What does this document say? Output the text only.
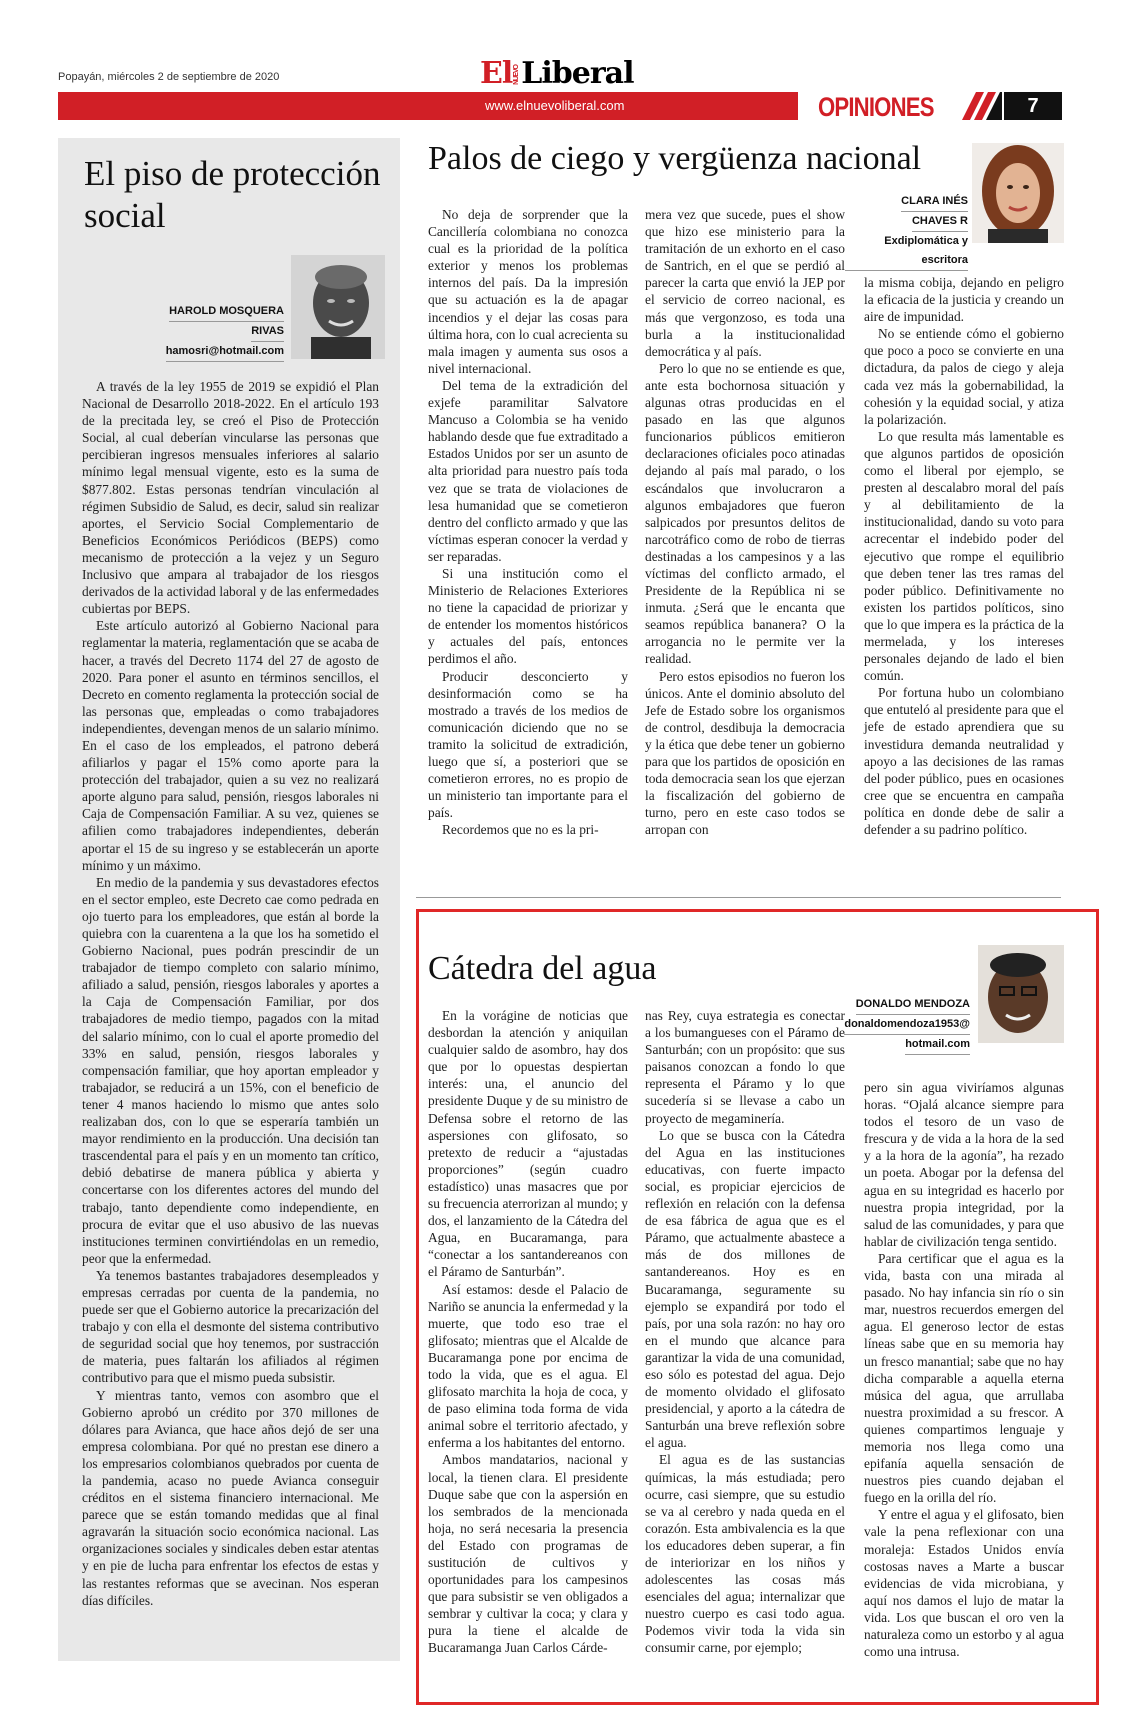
Popayán, miércoles 2 de septiembre de 2020	ElNUEVOLiberal
www.elnuevoliberal.com	OPINIONES	7
El piso de protección social
HAROLD MOSQUERA
RIVAS
hamosri@hotmail.com

A través de la ley 1955 de 2019 se expidió el Plan Nacional de Desarrollo 2018-2022. En el artículo 193 de la precitada ley, se creó el Piso de Protección Social, al cual deberían vincularse las personas que percibieran ingresos mensuales inferiores al salario mínimo legal mensual vigente, esto es la suma de $877.802. Estas personas tendrían vinculación al régimen Subsidio de Salud, es decir, salud sin realizar aportes, el Servicio Social Complementario de Beneficios Económicos Periódicos (BEPS) como mecanismo de protección a la vejez y un Seguro Inclusivo que ampara al trabajador de los riesgos derivados de la actividad laboral y de las enfermedades cubiertas por BEPS.

Este artículo autorizó al Gobierno Nacional para reglamentar la materia, reglamentación que se acaba de hacer, a través del Decreto 1174 del 27 de agosto de 2020. Para poner el asunto en términos sencillos, el Decreto en comento reglamenta la protección social de las personas que, empleadas o como trabajadores independientes, devengan menos de un salario mínimo. En el caso de los empleados, el patrono deberá afiliarlos y pagar el 15% como aporte para la protección del trabajador, quien a su vez no realizará aporte alguno para salud, pensión, riesgos laborales ni Caja de Compensación Familiar. A su vez, quienes se afilien como trabajadores independientes, deberán aportar el 15 de su ingreso y se establecerán un aporte mínimo y un máximo.

En medio de la pandemia y sus devastadores efectos en el sector empleo, este Decreto cae como pedrada en ojo tuerto para los empleadores, que están al borde la quiebra con la cuarentena a la que los ha sometido el Gobierno Nacional, pues podrán prescindir de un trabajador de tiempo completo con salario mínimo, afiliado a salud, pensión, riesgos laborales y aportes a la Caja de Compensación Familiar, por dos trabajadores de medio tiempo, pagados con la mitad del salario mínimo, con lo cual el aporte promedio del 33% en salud, pensión, riesgos laborales y compensación familiar, que hoy aportan empleador y trabajador, se reducirá a un 15%, con el beneficio de tener 4 manos haciendo lo mismo que antes solo realizaban dos, con lo que se esperaría también un mayor rendimiento en la producción. Una decisión tan trascendental para el país y en un momento tan crítico, debió debatirse de manera pública y abierta y concertarse con los diferentes actores del mundo del trabajo, tanto dependiente como independiente, en procura de evitar que el uso abusivo de las nuevas instituciones terminen convirtiéndolas en un remedio, peor que la enfermedad.

Ya tenemos bastantes trabajadores desempleados y empresas cerradas por cuenta de la pandemia, no puede ser que el Gobierno autorice la precarización del trabajo y con ella el desmonte del sistema contributivo de seguridad social que hoy tenemos, por sustracción de materia, pues faltarán los afiliados al régimen contributivo para que el mismo pueda subsistir.

Y mientras tanto, vemos con asombro que el Gobierno aprobó un crédito por 370 millones de dólares para Avianca, que hace años dejó de ser una empresa colombiana. Por qué no prestan ese dinero a los empresarios colombianos quebrados por cuenta de la pandemia, acaso no puede Avianca conseguir créditos en el sistema financiero internacional. Me parece que se están tomando medidas que al final agravarán la situación socio económica nacional. Las organizaciones sociales y sindicales deben estar atentas y en pie de lucha para enfrentar los efectos de estas y las restantes reformas que se avecinan. Nos esperan días difíciles.

Palos de ciego y vergüenza nacional
CLARA INÉS
CHAVES R
Exdiplomática y escritora

No deja de sorprender que la Cancillería colombiana no conozca cual es la prioridad de la política exterior y menos los problemas internos del país. Da la impresión que su actuación es la de apagar incendios y el dejar las cosas para última hora, con lo cual acrecienta su mala imagen y aumenta sus osos a nivel internacional.

Del tema de la extradición del exjefe paramilitar Salvatore Mancuso a Colombia se ha venido hablando desde que fue extraditado a Estados Unidos por ser un asunto de alta prioridad para nuestro país toda vez que se trata de violaciones de lesa humanidad que se cometieron dentro del conflicto armado y que las víctimas esperan conocer la verdad y ser reparadas.

Si una institución como el Ministerio de Relaciones Exteriores no tiene la capacidad de priorizar y de entender los momentos históricos y actuales del país, entonces perdimos el año.

Producir desconcierto y desinformación como se ha mostrado a través de los medios de comunicación diciendo que no se tramito la solicitud de extradición, luego que sí, a posteriori que se cometieron errores, no es propio de un ministerio tan importante para el país.

Recordemos que no es la pri-

mera vez que sucede, pues el show que hizo ese ministerio para la tramitación de un exhorto en el caso de Santrich, en el que se perdió al parecer la carta que envió la JEP por el servicio de correo nacional, es más que vergonzoso, es toda una burla a la institucionalidad democrática y al país.

Pero lo que no se entiende es que, ante esta bochornosa situación y algunas otras producidas en el pasado en las que algunos funcionarios públicos emitieron declaraciones oficiales poco atinadas dejando al país mal parado, o los escándalos que involucraron a algunos embajadores que fueron salpicados por presuntos delitos de narcotráfico como de robo de tierras destinadas a los campesinos y a las víctimas del conflicto armado, el Presidente de la República ni se inmuta. ¿Será que le encanta que seamos república bananera? O la arrogancia no le permite ver la realidad.

Pero estos episodios no fueron los únicos. Ante el dominio absoluto del Jefe de Estado sobre los organismos de control, desdibuja la democracia y la ética que debe tener un gobierno para que los partidos de oposición en toda democracia sean los que ejerzan la fiscalización del gobierno de turno, pero en este caso todos se arropan con

la misma cobija, dejando en peligro la eficacia de la justicia y creando un aire de impunidad.

No se entiende cómo el gobierno que poco a poco se convierte en una dictadura, da palos de ciego y aleja cada vez más la gobernabilidad, la cohesión y la equidad social, y atiza la polarización.

Lo que resulta más lamentable es que algunos partidos de oposición como el liberal por ejemplo, se presten al descalabro moral del país y al debilitamiento de la institucionalidad, dando su voto para acrecentar el indebido poder del ejecutivo que rompe el equilibrio que deben tener las tres ramas del poder público. Definitivamente no existen los partidos políticos, sino que lo que impera es la práctica de la mermelada, y los intereses personales dejando de lado el bien común.

Por fortuna hubo un colombiano que entuteló al presidente para que el jefe de estado aprendiera que su investidura demanda neutralidad y apoyo a las decisiones de las ramas del poder público, pues en ocasiones cree que se encuentra en campaña política en donde debe de salir a defender a su padrino político.

Cátedra del agua
DONALDO MENDOZA
donaldomendoza1953@
hotmail.com

En la vorágine de noticias que desbordan la atención y aniquilan cualquier saldo de asombro, hay dos que por lo opuestas despiertan interés: una, el anuncio del presidente Duque y de su ministro de Defensa sobre el retorno de las aspersiones con glifosato, so pretexto de reducir a “ajustadas proporciones” (según cuadro estadístico) unas masacres que por su frecuencia aterrorizan al mundo; y dos, el lanzamiento de la Cátedra del Agua, en Bucaramanga, para “conectar a los santandereanos con el Páramo de Santurbán”.

Así estamos: desde el Palacio de Nariño se anuncia la enfermedad y la muerte, que todo eso trae el glifosato; mientras que el Alcalde de Bucaramanga pone por encima de todo la vida, que es el agua. El glifosato marchita la hoja de coca, y de paso elimina toda forma de vida animal sobre el territorio afectado, y enferma a los habitantes del entorno.

Ambos mandatarios, nacional y local, la tienen clara. El presidente Duque sabe que con la aspersión en los sembrados de la mencionada hoja, no será necesaria la presencia del Estado con programas de sustitución de cultivos y oportunidades para los campesinos que para subsistir se ven obligados a sembrar y cultivar la coca; y clara y pura la tiene el alcalde de Bucaramanga Juan Carlos Cárde-

nas Rey, cuya estrategia es conectar a los bumangueses con el Páramo de Santurbán; con un propósito: que sus paisanos conozcan a fondo lo que representa el Páramo y lo que sucedería si se llevase a cabo un proyecto de megaminería.

Lo que se busca con la Cátedra del Agua en las instituciones educativas, con fuerte impacto social, es propiciar ejercicios de reflexión en relación con la defensa de esa fábrica de agua que es el Páramo, que actualmente abastece a más de dos millones de santandereanos. Hoy es en Bucaramanga, seguramente su ejemplo se expandirá por todo el país, por una sola razón: no hay oro en el mundo que alcance para garantizar la vida de una comunidad, eso sólo es potestad del agua. Dejo de momento olvidado el glifosato presidencial, y aporto a la cátedra de Santurbán una breve reflexión sobre el agua.

El agua es de las sustancias químicas, la más estudiada; pero ocurre, casi siempre, que su estudio se va al cerebro y nada queda en el corazón. Esta ambivalencia es la que los educadores deben superar, a fin de interiorizar en los niños y adolescentes las cosas más esenciales del agua; internalizar que nuestro cuerpo es casi todo agua. Podemos vivir toda la vida sin consumir carne, por ejemplo;

pero sin agua viviríamos algunas horas. “Ojalá alcance siempre para todos el tesoro de un vaso de frescura y de vida a la hora de la sed y a la hora de la agonía”, ha rezado un poeta. Abogar por la defensa del agua en su integridad es hacerlo por nuestra propia integridad, por la salud de las comunidades, y para que hablar de civilización tenga sentido.

Para certificar que el agua es la vida, basta con una mirada al pasado. No hay infancia sin río o sin mar, nuestros recuerdos emergen del agua. El generoso lector de estas líneas sabe que en su memoria hay un fresco manantial; sabe que no hay dicha comparable a aquella eterna música del agua, que arrullaba nuestra proximidad a su frescor. A quienes compartimos lenguaje y memoria nos llega como una epifanía aquella sensación de nuestros pies cuando dejaban el fuego en la orilla del río.

Y entre el agua y el glifosato, bien vale la pena reflexionar con una moraleja: Estados Unidos envía costosas naves a Marte a buscar evidencias de vida microbiana, y aquí nos damos el lujo de matar la vida. Los que buscan el oro ven la naturaleza como un estorbo y al agua como una intrusa.
